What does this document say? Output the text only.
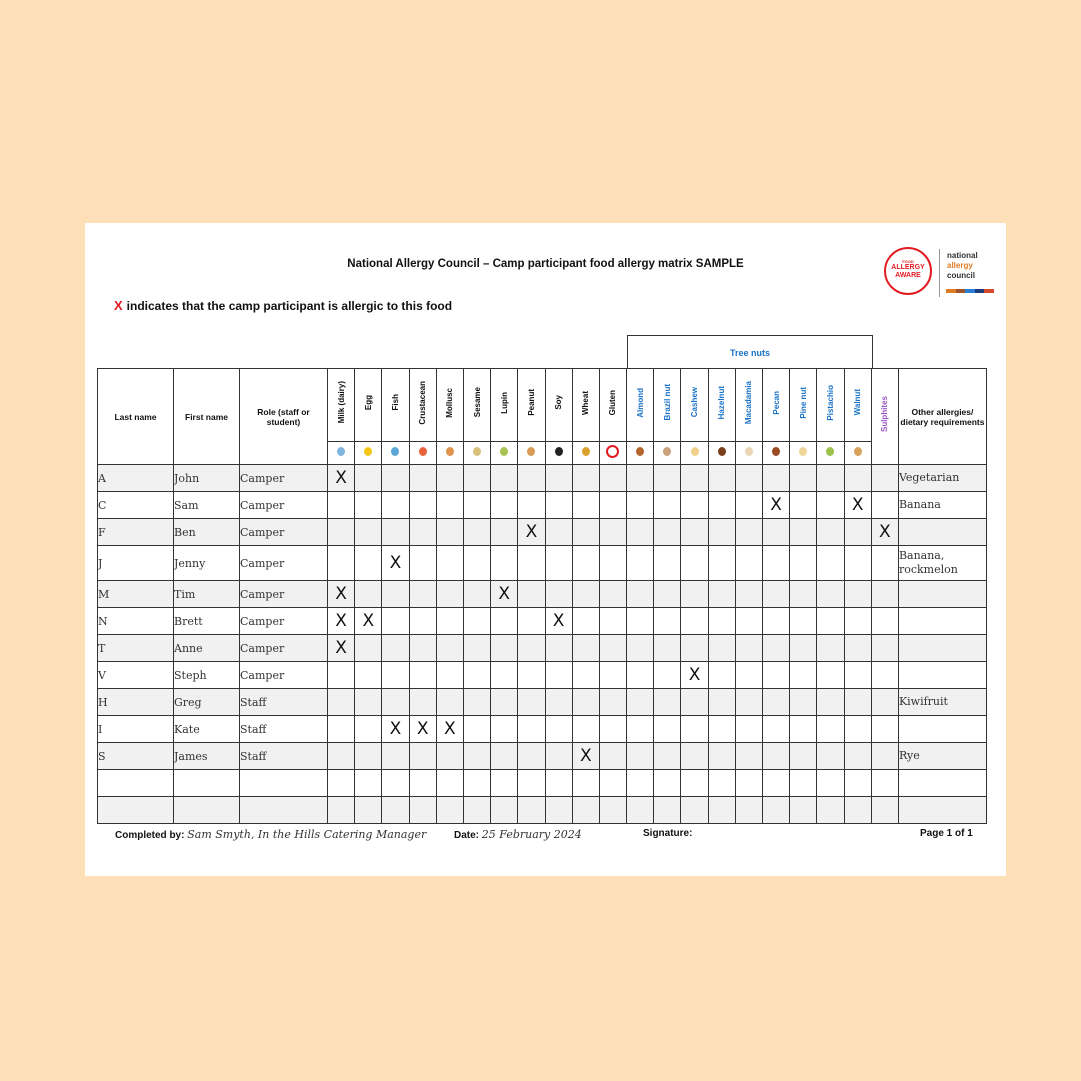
National Allergy Council – Camp participant food allergy matrix SAMPLE
X indicates that the camp participant is allergic to this food
FOOD
ALLERGY AWARE
national
allergy
council
Tree nuts
Last name	First name	Role (staff or student)	Milk (dairy)	Egg	Fish	Crustacean	Mollusc	Sesame	Lupin	Peanut	Soy	Wheat	Gluten	Almond	Brazil nut	Cashew	Hazelnut	Macadamia	Pecan	Pine nut	Pistachio	Walnut	Sulphites	Other allergies/ dietary requirements

A	John	Camper	X																					Vegetarian
C	Sam	Camper																	X			X		Banana
F	Ben	Camper								X													X	
J	Jenny	Camper			X																			Banana, rockmelon
M	Tim	Camper	X						X															
N	Brett	Camper	X	X							X													
T	Anne	Camper	X																					
V	Steph	Camper														X								
H	Greg	Staff																						Kiwifruit
I	Kate	Staff			X	X	X																	
S	James	Staff										X												Rye

Completed by: Sam Smyth, In the Hills Catering Manager	Date: 25 February 2024	Signature:	Page 1 of 1
